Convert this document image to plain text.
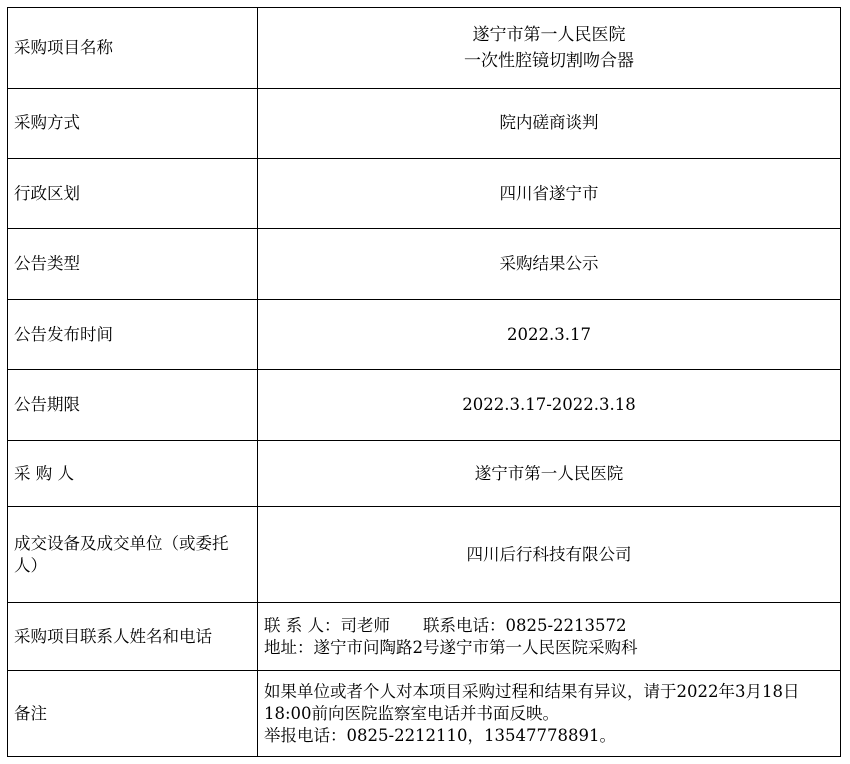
采购项目名称	遂宁市第一人民医院
一次性腔镜切割吻合器

采购方式	院内磋商谈判
行政区划	四川省遂宁市
公告类型	采购结果公示
公告发布时间	2022.3.17
公告期限	2022.3.17-2022.3.18
采 购 人	遂宁市第一人民医院
成交设备及成交单位（或委托人）	四川后行科技有限公司
采购项目联系人姓名和电话	联 系 人：司老师　　联系电话：0825-2213572
地址：遂宁市问陶路2号遂宁市第一人民医院采购科

备注	如果单位或者个人对本项目采购过程和结果有异议，请于2022年3月18日18:00前向医院监察室电话并书面反映。
举报电话：0825-2212110，13547778891。
